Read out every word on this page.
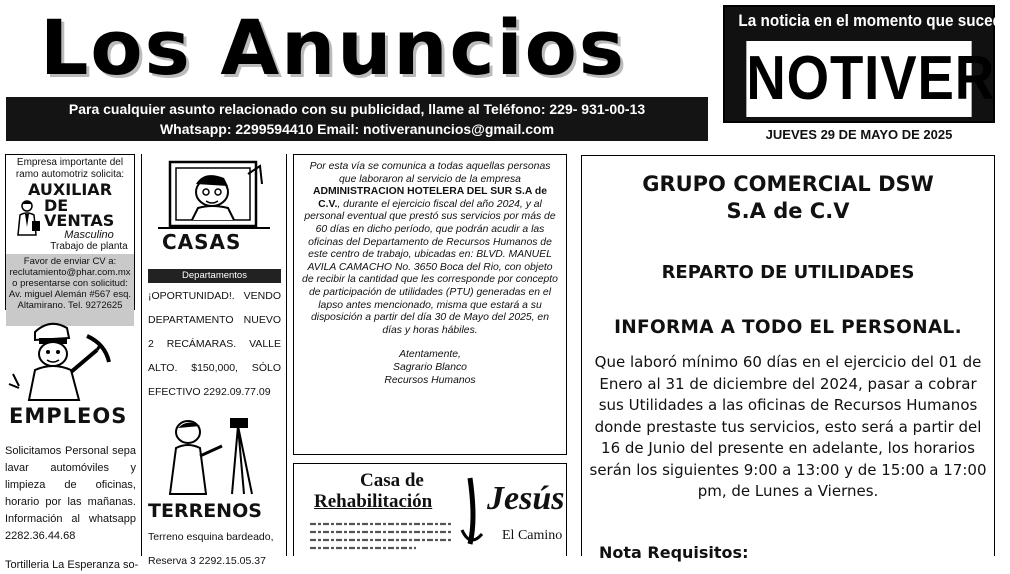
Los Anuncios
Para cualquier asunto relacionado con su publicidad, llame al Teléfono: 229- 931-00-13
Whatsapp: 2299594410 Email: notiveranuncios@gmail.com
La noticia en el momento que sucede
NOTIVER
JUEVES 29 DE MAYO DE 2025
Empresa importante del ramo automotriz solicita:
AUXILIAR
DE VENTAS
Masculino
Trabajo de planta
Favor de enviar CV a: reclutamiento@phar.com.mx o presentarse con solicitud: Av. miguel Alemán #567 esq. Altamirano. Tel. 9272625
EMPLEOS
Solicitamos Personal sepa lavar automóviles y limpieza de oficinas, horario por las mañanas. Información al whatsapp 2282.36.44.68
Tortilleria La Esperanza so-
CASAS
Departamentos
¡OPORTUNIDAD!. VENDO DEPARTAMENTO NUEVO 2 RECÁMARAS. VALLE ALTO. $150,000, SÓLO EFECTIVO 2292.09.77.09
TERRENOS
Terreno esquina bardeado,
Reserva 3 2292.15.05.37
Por esta vía se comunica a todas aquellas personas que laboraron al servicio de la empresa ADMINISTRACION HOTELERA DEL SUR S.A de C.V., durante el ejercicio fiscal del año 2024, y al personal eventual que prestó sus servicios por más de 60 días en dicho período, que podrán acudir a las oficinas del Departamento de Recursos Humanos de este centro de trabajo, ubicadas en: BLVD. MANUEL AVILA CAMACHO No. 3650 Boca del Rio, con objeto de recibir la cantidad que les corresponde por concepto de participación de utilidades (PTU) generadas en el lapso antes mencionado, misma que estará a su disposición a partir del día 30 de Mayo del 2025, en días y horas hábiles.
Atentamente,
Sagrario Blanco
Recursos Humanos
Casa de
Rehabilitación Jesús
El Camino
GRUPO COMERCIAL DSW
S.A de C.V
REPARTO DE UTILIDADES
INFORMA A TODO EL PERSONAL.
Que laboró mínimo 60 días en el ejercicio del 01 de Enero al 31 de diciembre del 2024, pasar a cobrar sus Utilidades a las oficinas de Recursos Humanos donde prestaste tus servicios, esto será a partir del 16 de Junio del presente en adelante, los horarios serán los siguientes 9:00 a 13:00 y de 15:00 a 17:00 pm, de Lunes a Viernes.
Nota Requisitos:
